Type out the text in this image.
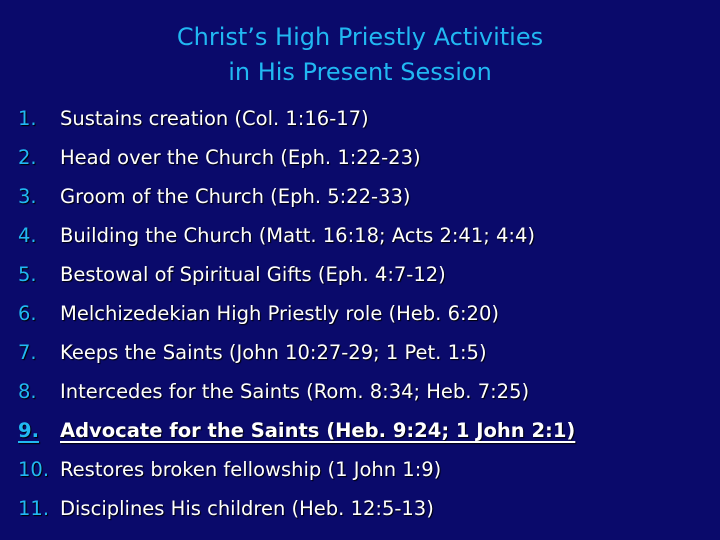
Christ’s High Priestly Activities
in His Present Session
1.	Sustains creation (Col. 1:16-17)
2.	Head over the Church (Eph. 1:22-23)
3.	Groom of the Church (Eph. 5:22-33)
4.	Building the Church (Matt. 16:18; Acts 2:41; 4:4)
5.	Bestowal of Spiritual Gifts (Eph. 4:7-12)
6.	Melchizedekian High Priestly role (Heb. 6:20)
7.	Keeps the Saints (John 10:27-29; 1 Pet. 1:5)
8.	Intercedes for the Saints (Rom. 8:34; Heb. 7:25)
9.	Advocate for the Saints (Heb. 9:24; 1 John 2:1)
10. Restores broken fellowship (1 John 1:9)
11. Disciplines His children (Heb. 12:5-13)
